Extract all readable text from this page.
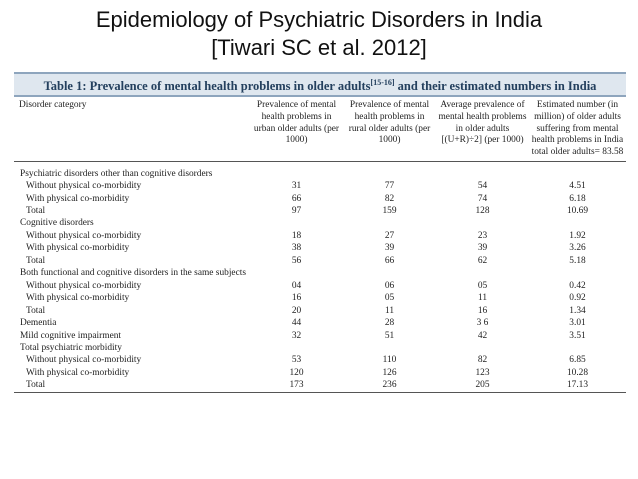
Epidemiology of Psychiatric Disorders in India
[Tiwari SC et al. 2012]
Table 1: Prevalence of mental health problems in older adults[15-16] and their estimated numbers in India
Disorder category	Prevalence of mental health problems in urban older adults (per 1000)	Prevalence of mental health problems in rural older adults (per 1000)	Average prevalence of mental health problems in older adults [(U+R)÷2] (per 1000)	Estimated number (in million) of older adults suffering from mental health problems in India total older adults= 83.58

Psychiatric disorders other than cognitive disorders				
Without physical co-morbidity	31	77	54	4.51
With physical co-morbidity	66	82	74	6.18
Total	97	159	128	10.69
Cognitive disorders				
Without physical co-morbidity	18	27	23	1.92
With physical co-morbidity	38	39	39	3.26
Total	56	66	62	5.18
Both functional and cognitive disorders in the same subjects				
Without physical co-morbidity	04	06	05	0.42
With physical co-morbidity	16	05	11	0.92
Total	20	11	16	1.34
Dementia	44	28	3 6	3.01
Mild cognitive impairment	32	51	42	3.51
Total psychiatric morbidity				
Without physical co-morbidity	53	110	82	6.85
With physical co-morbidity	120	126	123	10.28
Total	173	236	205	17.13
